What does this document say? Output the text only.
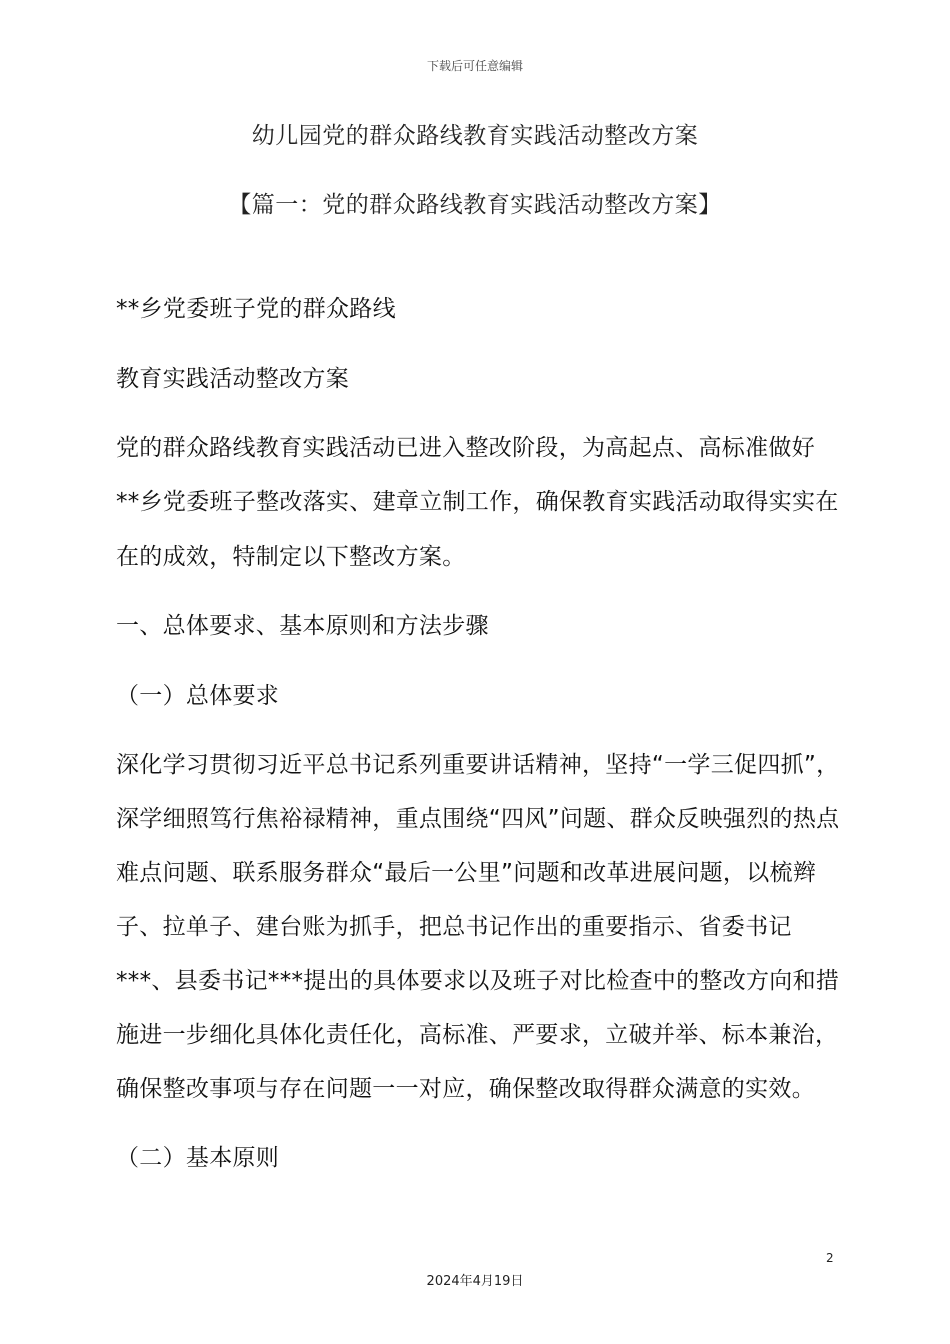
下载后可任意编辑
幼儿园党的群众路线教育实践活动整改方案
【篇一：党的群众路线教育实践活动整改方案】
**乡党委班子党的群众路线
教育实践活动整改方案
党的群众路线教育实践活动已进入整改阶段，为高起点、高标准做好
**乡党委班子整改落实、建章立制工作，确保教育实践活动取得实实在
在的成效，特制定以下整改方案。
一、总体要求、基本原则和方法步骤
（一）总体要求
深化学习贯彻习近平总书记系列重要讲话精神，坚持“一学三促四抓”，
深学细照笃行焦裕禄精神，重点围绕“四风”问题、群众反映强烈的热点
难点问题、联系服务群众“最后一公里”问题和改革进展问题，以梳辫
子、拉单子、建台账为抓手，把总书记作出的重要指示、省委书记
***、县委书记***提出的具体要求以及班子对比检查中的整改方向和措
施进一步细化具体化责任化，高标准、严要求，立破并举、标本兼治，
确保整改事项与存在问题一一对应，确保整改取得群众满意的实效。
（二）基本原则
2
2024年4月19日
